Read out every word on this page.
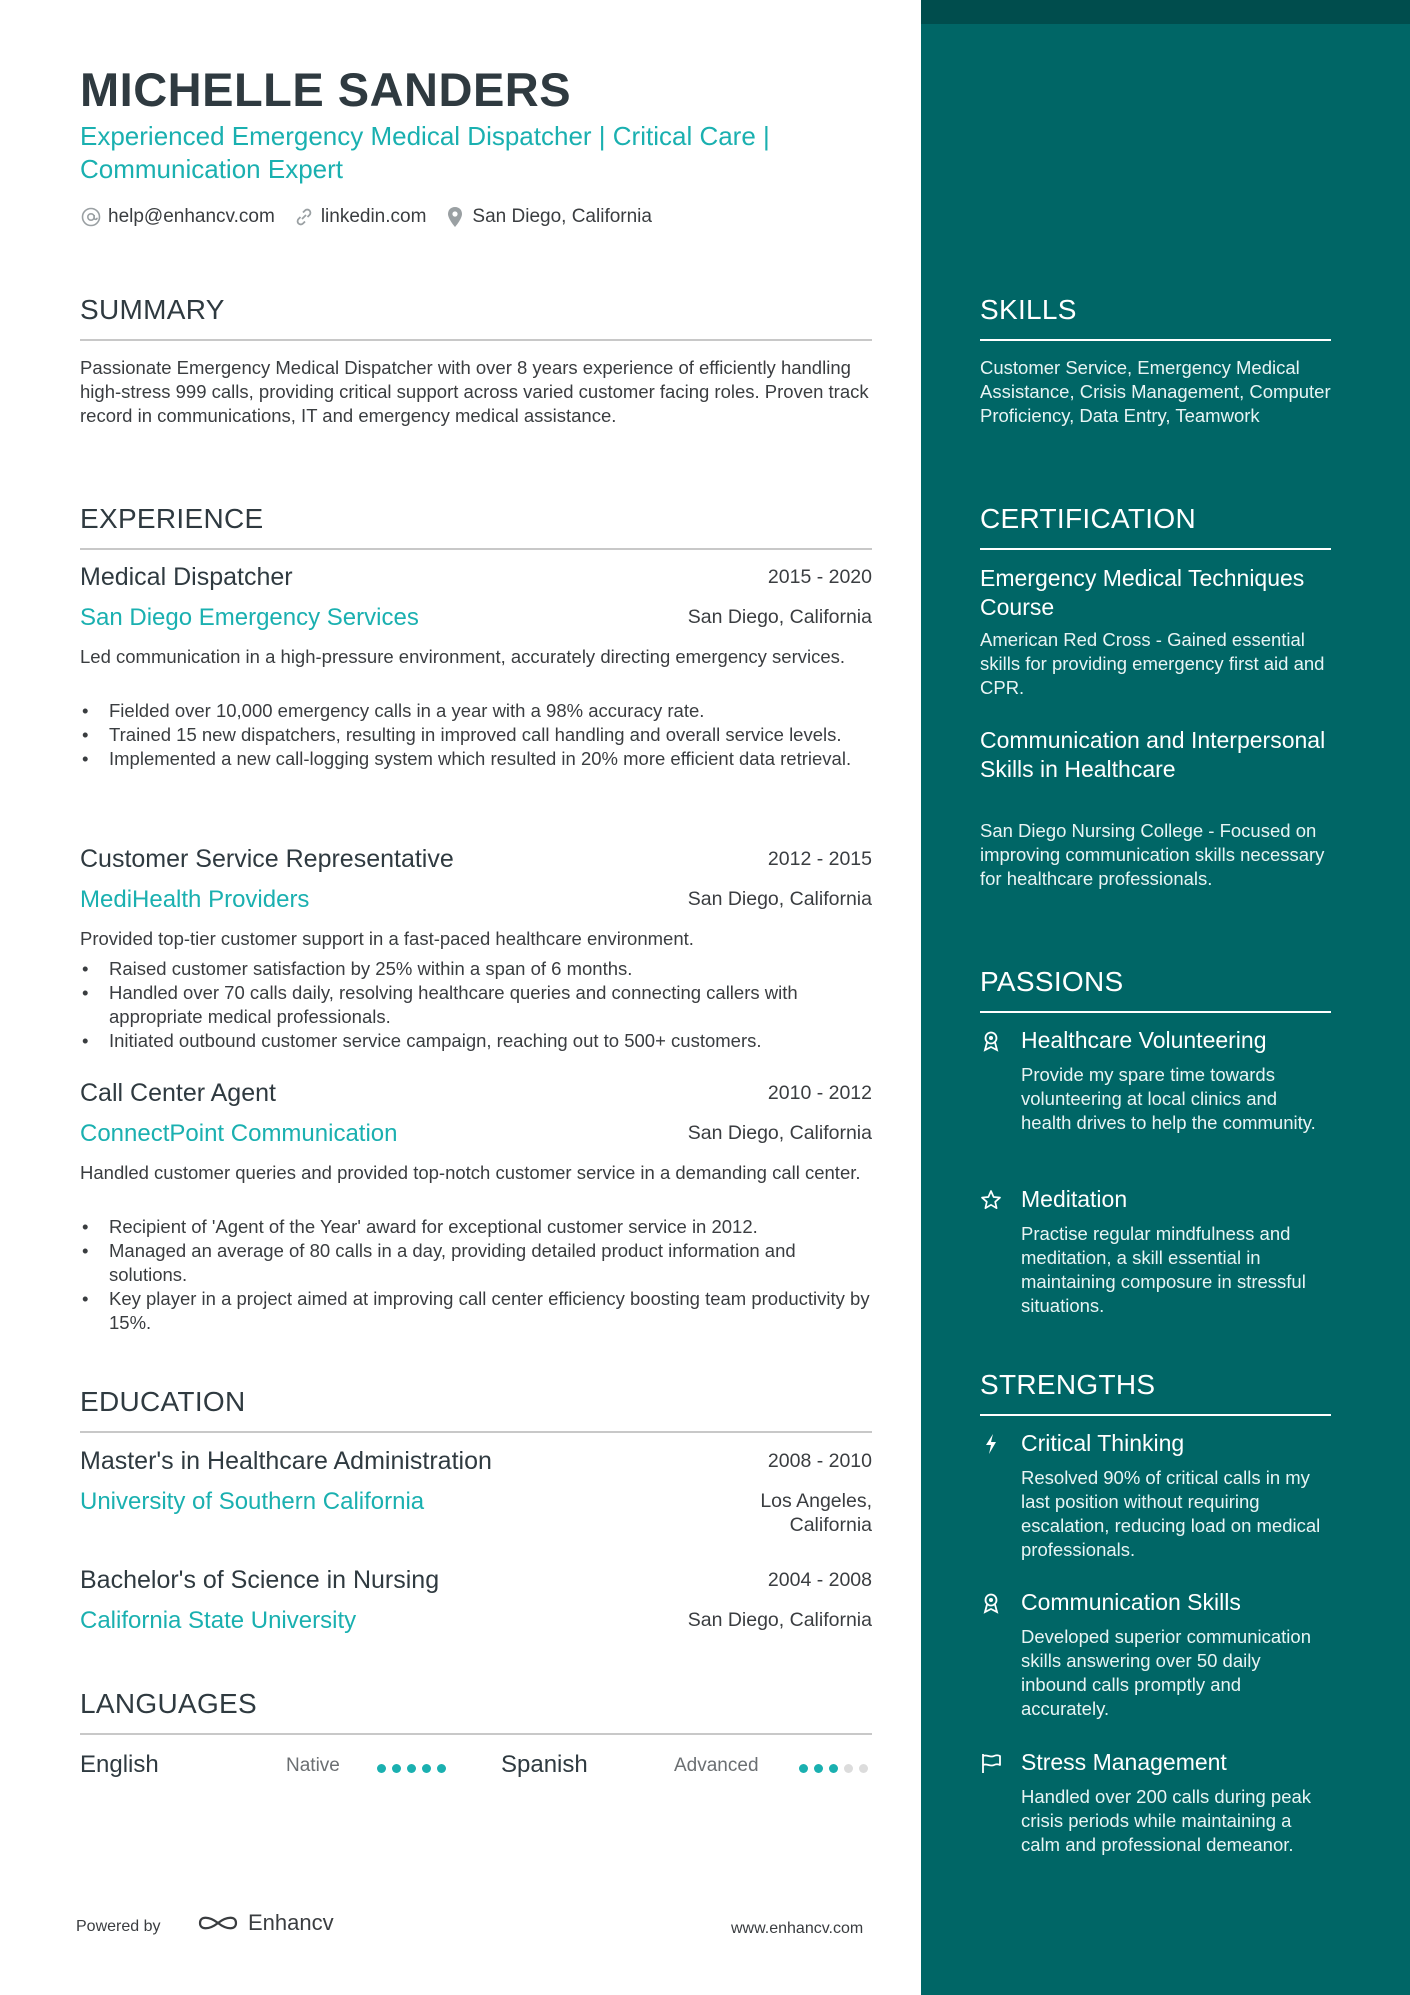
MICHELLE SANDERS
Experienced Emergency Medical Dispatcher | Critical Care | Communication Expert
help@enhancv.com linkedin.com San Diego, California
SUMMARY
Passionate Emergency Medical Dispatcher with over 8 years experience of efficiently handling high-stress 999 calls, providing critical support across varied customer facing roles. Proven track record in communications, IT and emergency medical assistance.
EXPERIENCE
Medical Dispatcher	2015 - 2020
San Diego Emergency Services	San Diego, California
Led communication in a high-pressure environment, accurately directing emergency services.
• Fielded over 10,000 emergency calls in a year with a 98% accuracy rate.
• Trained 15 new dispatchers, resulting in improved call handling and overall service levels.
• Implemented a new call-logging system which resulted in 20% more efficient data retrieval.
Customer Service Representative	2012 - 2015
MediHealth Providers	San Diego, California
Provided top-tier customer support in a fast-paced healthcare environment.
• Raised customer satisfaction by 25% within a span of 6 months.
• Handled over 70 calls daily, resolving healthcare queries and connecting callers with appropriate medical professionals.
• Initiated outbound customer service campaign, reaching out to 500+ customers.
Call Center Agent	2010 - 2012
ConnectPoint Communication	San Diego, California
Handled customer queries and provided top-notch customer service in a demanding call center.
• Recipient of 'Agent of the Year' award for exceptional customer service in 2012.
• Managed an average of 80 calls in a day, providing detailed product information and solutions.
• Key player in a project aimed at improving call center efficiency boosting team productivity by 15%.
EDUCATION
Master's in Healthcare Administration	2008 - 2010
University of Southern California	Los Angeles, California
Bachelor's of Science in Nursing	2004 - 2008
California State University	San Diego, California
LANGUAGES
English	Native	Spanish	Advanced
Powered by	Enhancv	www.enhancv.com
SKILLS
Customer Service, Emergency Medical Assistance, Crisis Management, Computer Proficiency, Data Entry, Teamwork
CERTIFICATION
Emergency Medical Techniques Course
American Red Cross - Gained essential skills for providing emergency first aid and CPR.
Communication and Interpersonal Skills in Healthcare
San Diego Nursing College - Focused on improving communication skills necessary for healthcare professionals.
PASSIONS
Healthcare Volunteering
Provide my spare time towards volunteering at local clinics and health drives to help the community.
Meditation
Practise regular mindfulness and meditation, a skill essential in maintaining composure in stressful situations.
STRENGTHS
Critical Thinking
Resolved 90% of critical calls in my last position without requiring escalation, reducing load on medical professionals.
Communication Skills
Developed superior communication skills answering over 50 daily inbound calls promptly and accurately.
Stress Management
Handled over 200 calls during peak crisis periods while maintaining a calm and professional demeanor.
